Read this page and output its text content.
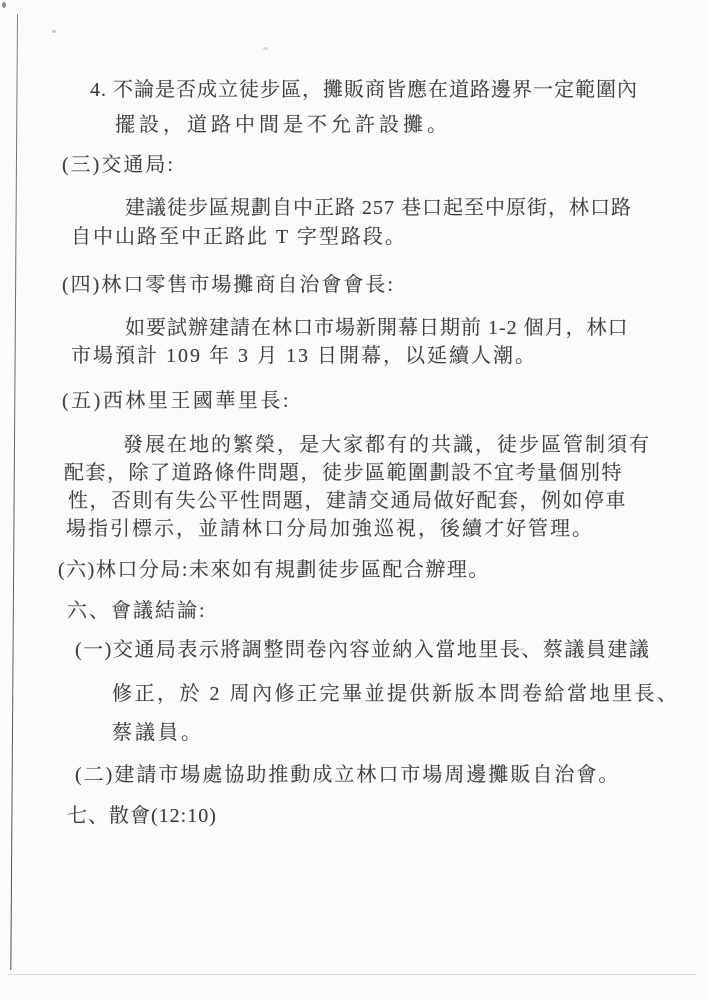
4. 不論是否成立徒步區，攤販商皆應在道路邊界一定範圍內
擺設，道路中間是不允許設攤。
(三)交通局:
建議徒步區規劃自中正路 257 巷口起至中原街，林口路
自中山路至中正路此 T 字型路段。
(四)林口零售市場攤商自治會會長:
如要試辦建請在林口市場新開幕日期前 1-2 個月，林口
市場預計 109 年 3 月 13 日開幕，以延續人潮。
(五)西林里王國華里長:
發展在地的繁榮，是大家都有的共識，徒步區管制須有
配套，除了道路條件問題，徒步區範圍劃設不宜考量個別特
性，否則有失公平性問題，建請交通局做好配套，例如停車
場指引標示，並請林口分局加強巡視，後續才好管理。
(六)林口分局:未來如有規劃徒步區配合辦理。
六、會議結論:
(一)交通局表示將調整問卷內容並納入當地里長、蔡議員建議
修正，於 2 周內修正完畢並提供新版本問卷給當地里長、
蔡議員。
(二)建請市場處協助推動成立林口市場周邊攤販自治會。
七、散會(12:10)
